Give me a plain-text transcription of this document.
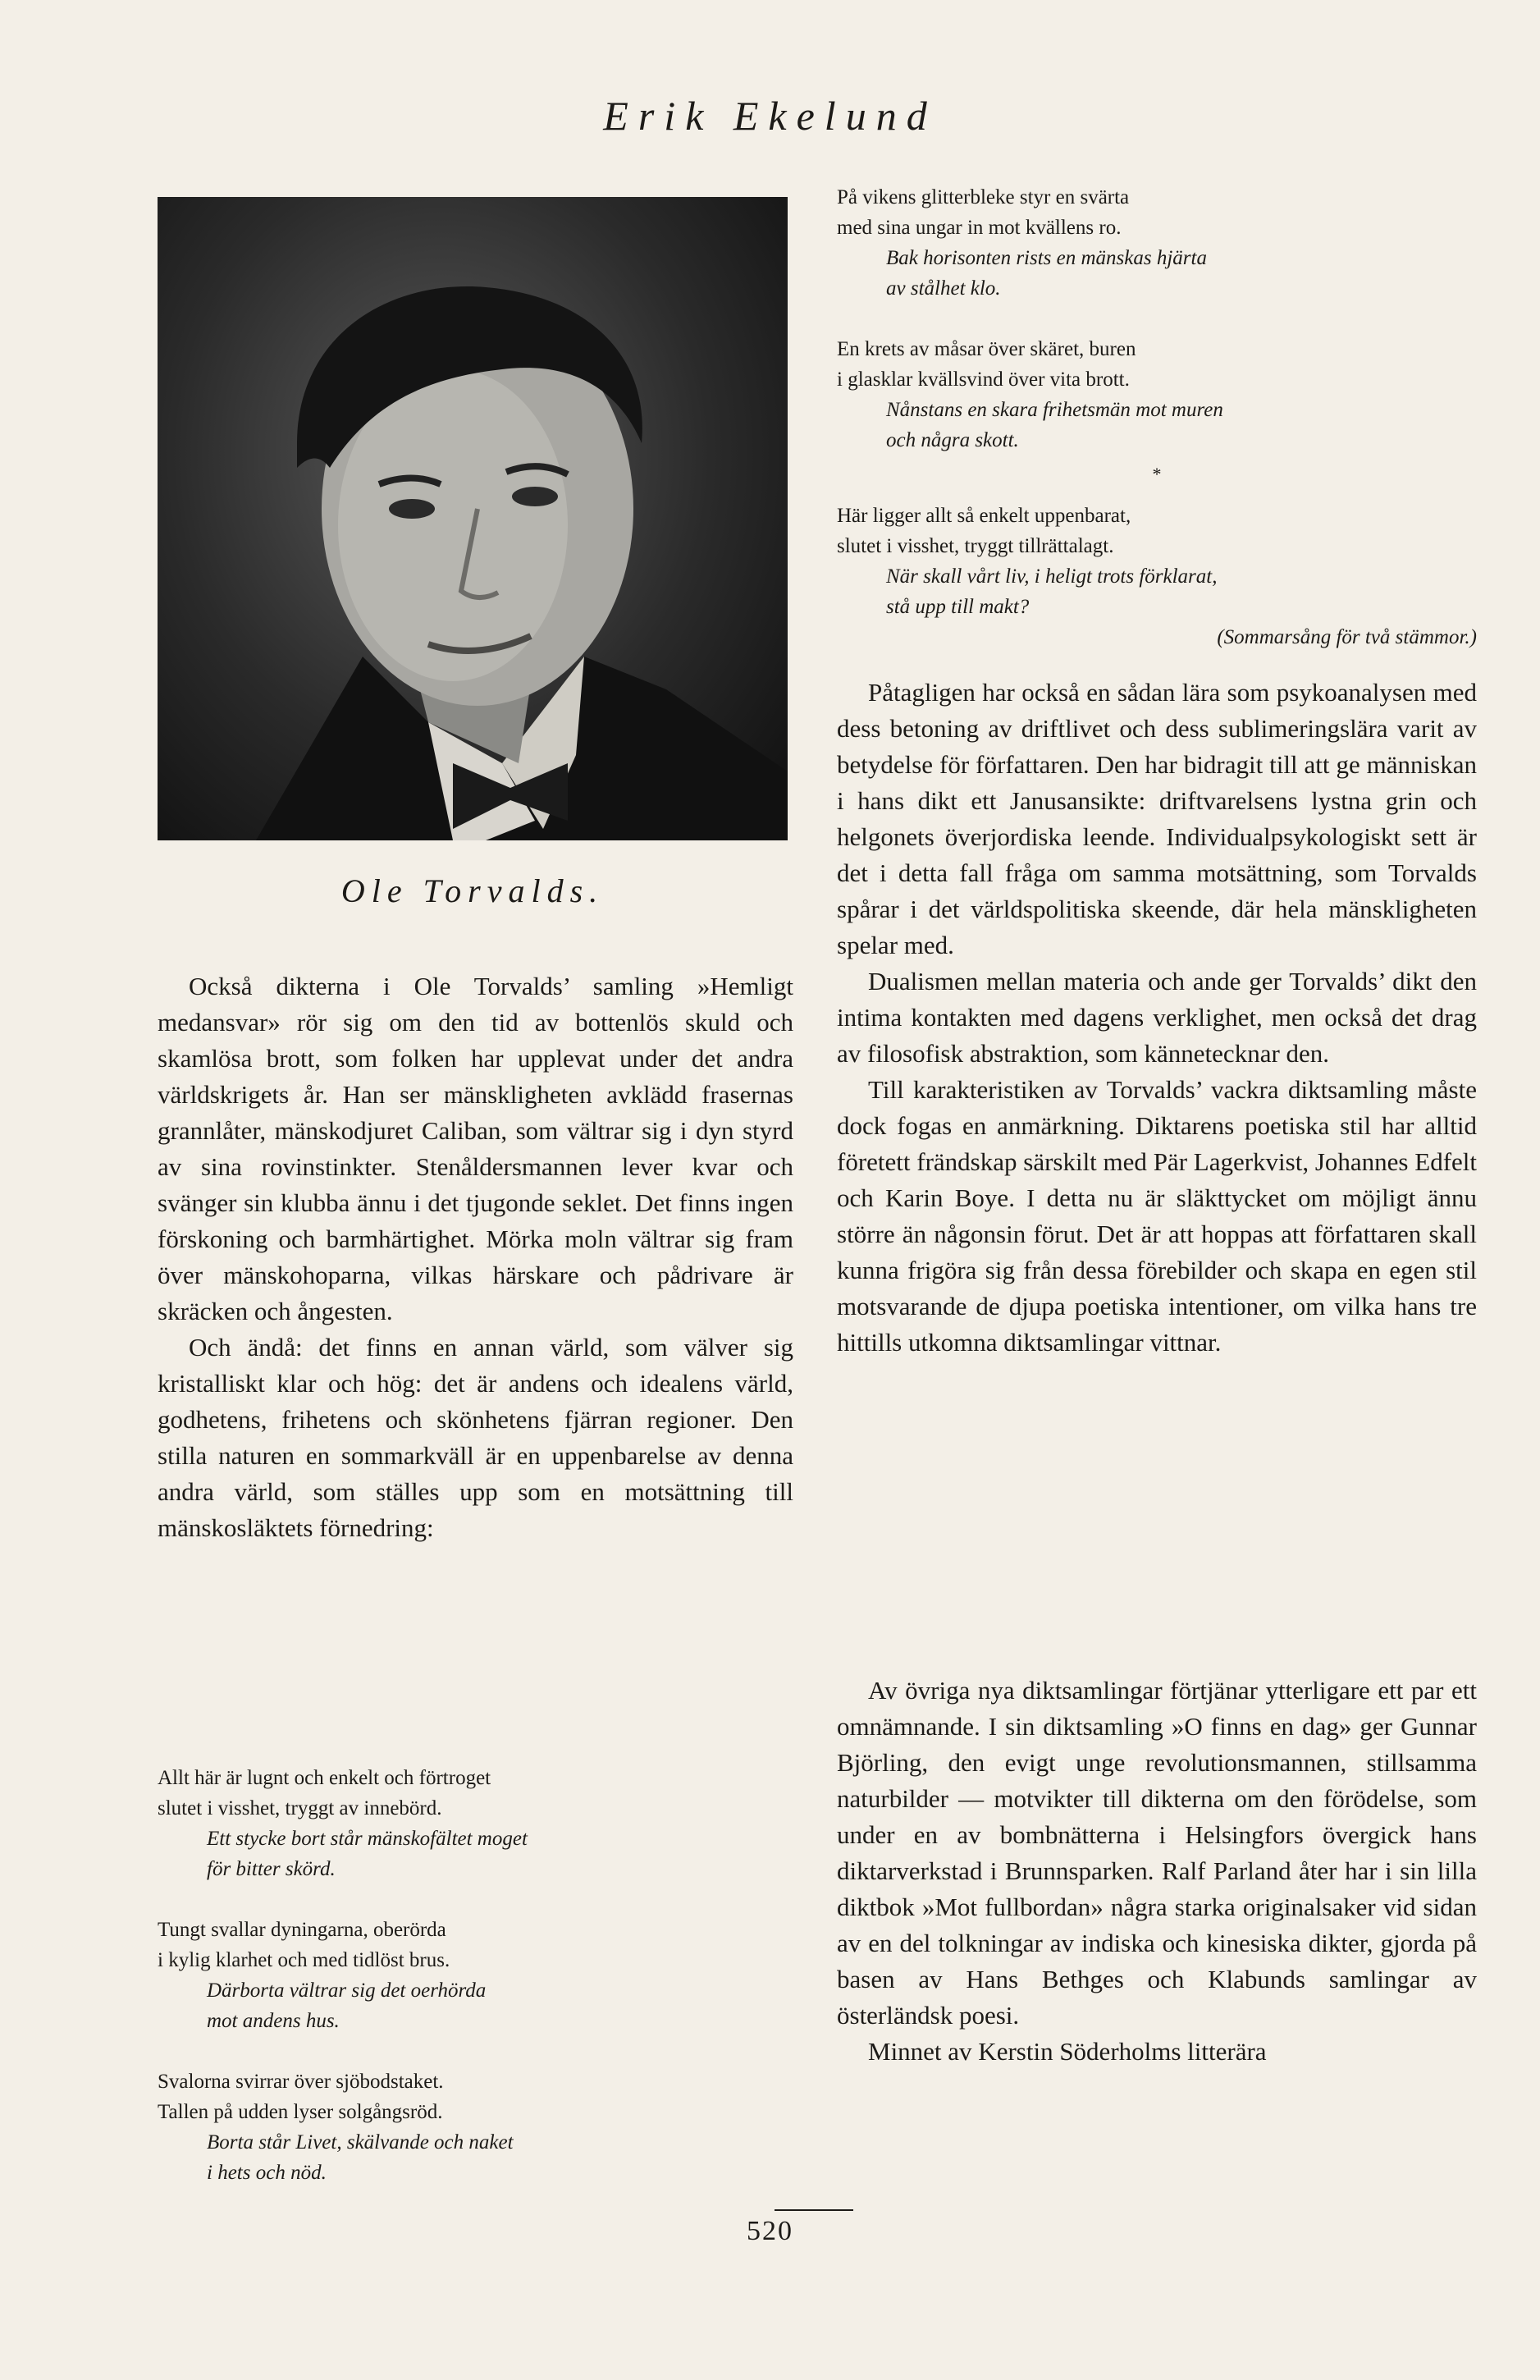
Erik Ekelund
Ole Torvalds.
På vikens glitterbleke styr en svärta
med sina ungar in mot kvällens ro.
Bak horisonten rists en mänskas hjärta
av stålhet klo.
En krets av måsar över skäret, buren
i glasklar kvällsvind över vita brott.
Nånstans en skara frihetsmän mot muren
och några skott.
*
Här ligger allt så enkelt uppenbarat,
slutet i visshet, tryggt tillrättalagt.
När skall vårt liv, i heligt trots förklarat,
stå upp till makt?
(Sommarsång för två stämmor.)

Också dikterna i Ole Torvalds’ samling »Hemligt medansvar» rör sig om den tid av bottenlös skuld och skamlösa brott, som folken har upplevat under det andra världskrigets år. Han ser mänskligheten avklädd frasernas grannlåter, mänskodjuret Caliban, som vältrar sig i dyn styrd av sina rovinstinkter. Stenåldersmannen lever kvar och svänger sin klubba ännu i det tjugonde seklet. Det finns ingen förskoning och barmhärtighet. Mörka moln vältrar sig fram över mänskohoparna, vilkas härskare och pådrivare är skräcken och ångesten.

Och ändå: det finns en annan värld, som välver sig kristalliskt klar och hög: det är andens och idealens värld, godhetens, frihetens och skönhetens fjärran regioner. Den stilla naturen en sommarkväll är en uppenbarelse av denna andra värld, som ställes upp som en motsättning till mänskosläktets förnedring:

Allt här är lugnt och enkelt och förtroget
slutet i visshet, tryggt av innebörd.
Ett stycke bort står mänskofältet moget
för bitter skörd.
Tungt svallar dyningarna, oberörda
i kylig klarhet och med tidlöst brus.
Därborta vältrar sig det oerhörda
mot andens hus.
Svalorna svirrar över sjöbodstaket.
Tallen på udden lyser solgångsröd.
Borta står Livet, skälvande och naket
i hets och nöd.

Påtagligen har också en sådan lära som psykoanalysen med dess betoning av driftlivet och dess sublimeringslära varit av betydelse för författaren. Den har bidragit till att ge människan i hans dikt ett Janusansikte: driftvarelsens lystna grin och helgonets överjordiska leende. Individualpsykologiskt sett är det i detta fall fråga om samma motsättning, som Torvalds spårar i det världspolitiska skeende, där hela mänskligheten spelar med.

Dualismen mellan materia och ande ger Torvalds’ dikt den intima kontakten med dagens verklighet, men också det drag av filosofisk abstraktion, som kännetecknar den.

Till karakteristiken av Torvalds’ vackra diktsamling måste dock fogas en anmärkning. Diktarens poetiska stil har alltid företett frändskap särskilt med Pär Lagerkvist, Johannes Edfelt och Karin Boye. I detta nu är släkttycket om möjligt ännu större än någonsin förut. Det är att hoppas att författaren skall kunna frigöra sig från dessa förebilder och skapa en egen stil motsvarande de djupa poetiska intentioner, om vilka hans tre hittills utkomna diktsamlingar vittnar.

Av övriga nya diktsamlingar förtjänar ytterligare ett par ett omnämnande. I sin diktsamling »O finns en dag» ger Gunnar Björling, den evigt unge revolutionsmannen, stillsamma naturbilder — motvikter till dikterna om den förödelse, som under en av bombnätterna i Helsingfors övergick hans diktarverkstad i Brunnsparken. Ralf Parland åter har i sin lilla diktbok »Mot fullbordan» några starka originalsaker vid sidan av en del tolkningar av indiska och kinesiska dikter, gjorda på basen av Hans Bethges och Klabunds samlingar av österländsk poesi.

Minnet av Kerstin Söderholms litterära

520
